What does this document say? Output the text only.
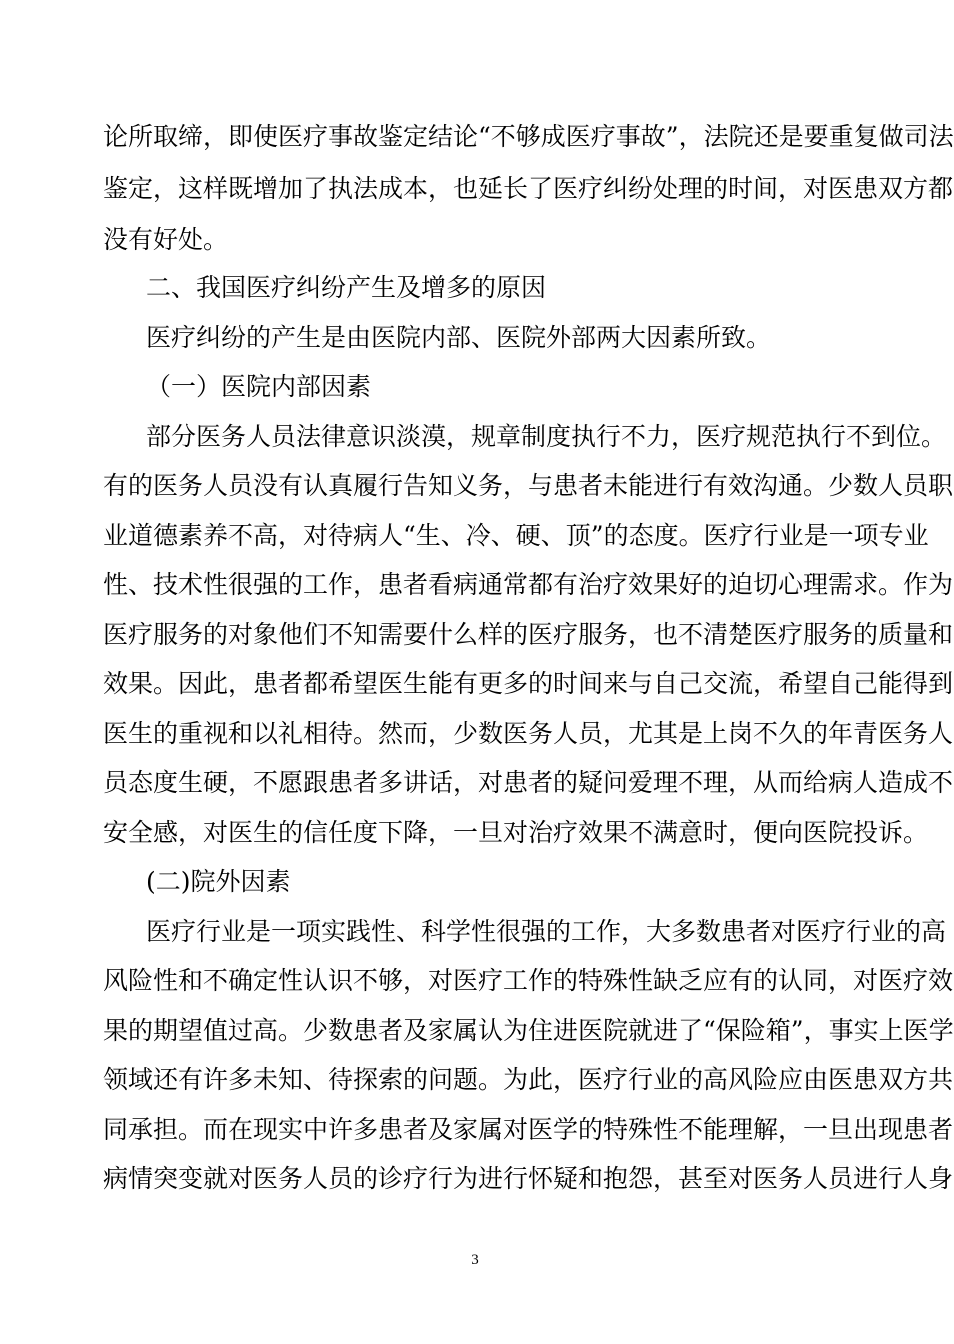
论所取缔，即使医疗事故鉴定结论“不够成医疗事故”，法院还是要重复做司法
鉴定，这样既增加了执法成本，也延长了医疗纠纷处理的时间，对医患双方都
没有好处。
二、我国医疗纠纷产生及增多的原因
医疗纠纷的产生是由医院内部、医院外部两大因素所致。
（一）医院内部因素
部分医务人员法律意识淡漠，规章制度执行不力，医疗规范执行不到位。
有的医务人员没有认真履行告知义务，与患者未能进行有效沟通。少数人员职
业道德素养不高，对待病人“生、冷、硬、顶”的态度。医疗行业是一项专业
性、技术性很强的工作，患者看病通常都有治疗效果好的迫切心理需求。作为
医疗服务的对象他们不知需要什么样的医疗服务，也不清楚医疗服务的质量和
效果。因此，患者都希望医生能有更多的时间来与自己交流，希望自己能得到
医生的重视和以礼相待。然而，少数医务人员，尤其是上岗不久的年青医务人
员态度生硬，不愿跟患者多讲话，对患者的疑问爱理不理，从而给病人造成不
安全感，对医生的信任度下降，一旦对治疗效果不满意时，便向医院投诉。
(二)院外因素
医疗行业是一项实践性、科学性很强的工作，大多数患者对医疗行业的高
风险性和不确定性认识不够，对医疗工作的特殊性缺乏应有的认同，对医疗效
果的期望值过高。少数患者及家属认为住进医院就进了“保险箱”，事实上医学
领域还有许多未知、待探索的问题。为此，医疗行业的高风险应由医患双方共
同承担。而在现实中许多患者及家属对医学的特殊性不能理解，一旦出现患者
病情突变就对医务人员的诊疗行为进行怀疑和抱怨，甚至对医务人员进行人身
3
